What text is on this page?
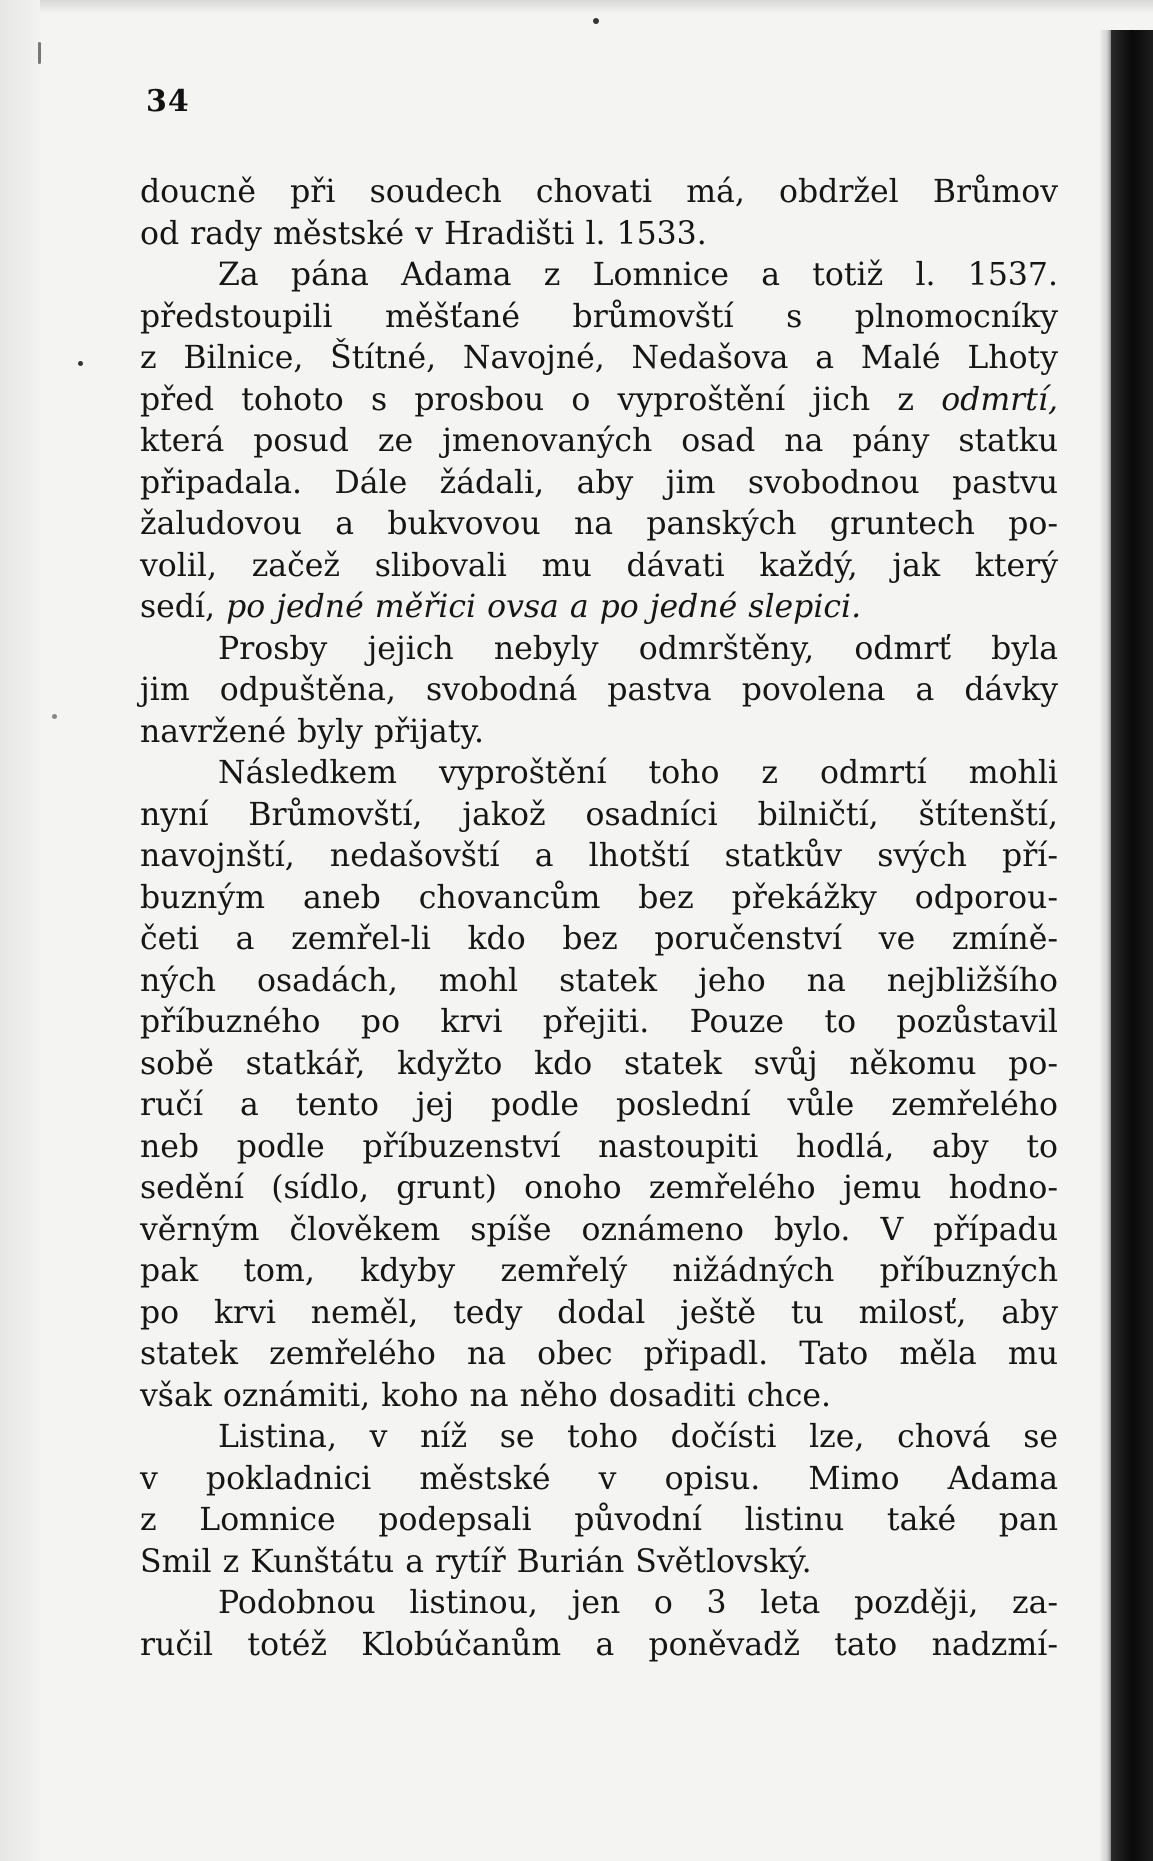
34
doucně při soudech chovati má, obdržel Brůmov
od rady městské v Hradišti l. 1533.
Za pána Adama z Lomnice a totiž l. 1537.
předstoupili měšťané brůmovští s plnomocníky
z Bilnice, Štítné, Navojné, Nedašova a Malé Lhoty
před tohoto s prosbou o vyproštění jich z odmrtí,
která posud ze jmenovaných osad na pány statku
připadala. Dále žádali, aby jim svobodnou pastvu
žaludovou a bukvovou na panských gruntech po-
volil, začež slibovali mu dávati každý, jak který
sedí, po jedné měřici ovsa a po jedné slepici.
Prosby jejich nebyly odmrštěny, odmrť byla
jim odpuštěna, svobodná pastva povolena a dávky
navržené byly přijaty.
Následkem vyproštění toho z odmrtí mohli
nyní Brůmovští, jakož osadníci bilničtí, štítenští,
navojnští, nedašovští a lhotští statkův svých pří-
buzným aneb chovancům bez překážky odporou-
četi a zemřel-li kdo bez poručenství ve zmíně-
ných osadách, mohl statek jeho na nejbližšího
příbuzného po krvi přejiti. Pouze to pozůstavil
sobě statkář, kdyžto kdo statek svůj někomu po-
ručí a tento jej podle poslední vůle zemřelého
neb podle příbuzenství nastoupiti hodlá, aby to
sedění (sídlo, grunt) onoho zemřelého jemu hodno-
věrným člověkem spíše oznámeno bylo. V případu
pak tom, kdyby zemřelý nižádných příbuzných
po krvi neměl, tedy dodal ještě tu milosť, aby
statek zemřelého na obec připadl. Tato měla mu
však oznámiti, koho na něho dosaditi chce.
Listina, v níž se toho dočísti lze, chová se
v pokladnici městské v opisu. Mimo Adama
z Lomnice podepsali původní listinu také pan
Smil z Kunštátu a rytíř Burián Světlovský.
Podobnou listinou, jen o 3 leta později, za-
ručil totéž Klobúčanům a poněvadž tato nadzmí-
